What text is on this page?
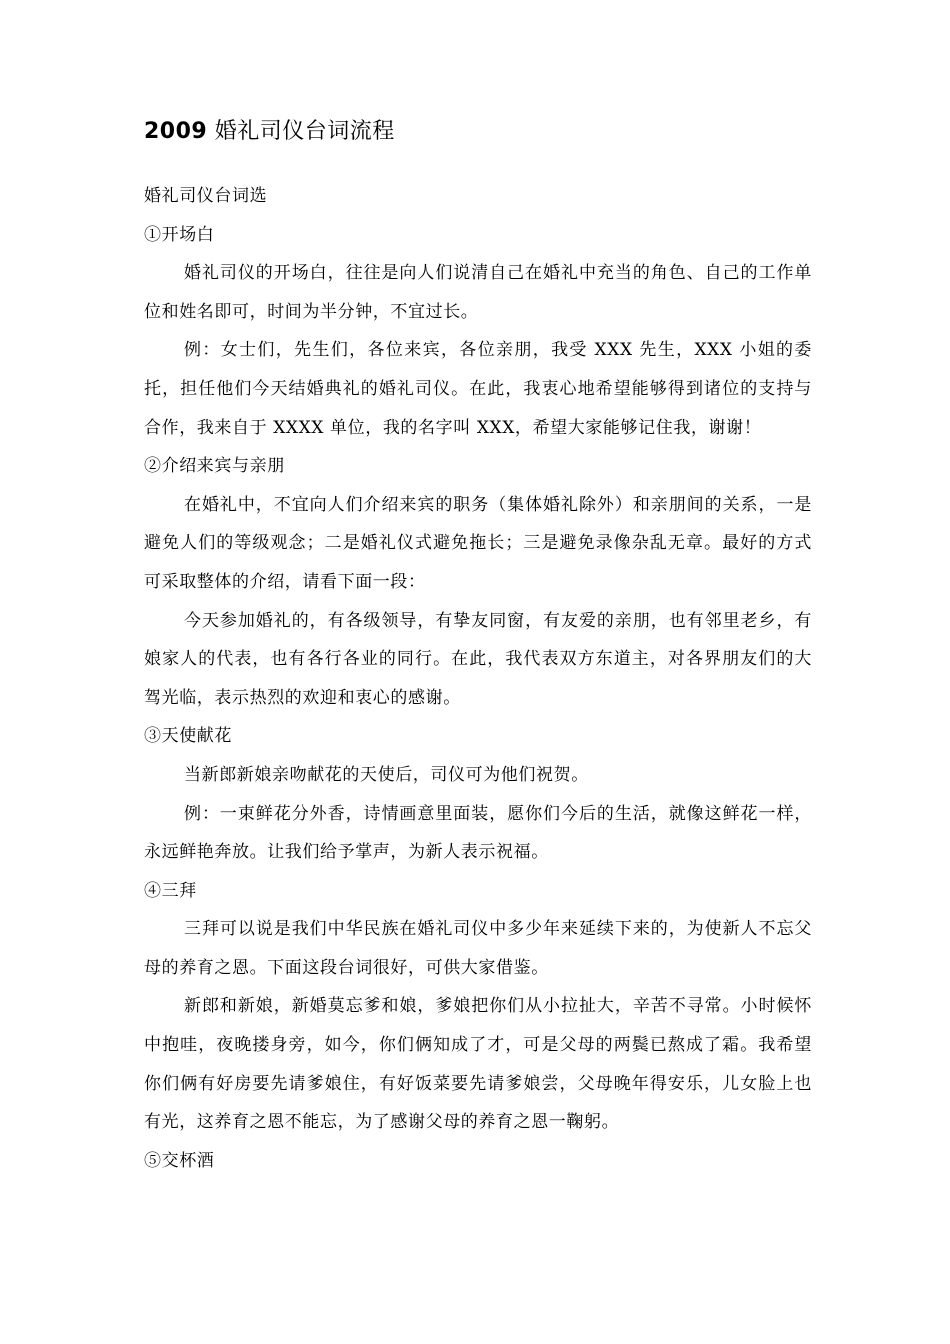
2009 婚礼司仪台词流程

婚礼司仪台词选

①开场白

婚礼司仪的开场白，往往是向人们说清自己在婚礼中充当的角色、自己的工作单位和姓名即可，时间为半分钟，不宜过长。

例：女士们，先生们，各位来宾，各位亲朋，我受 XXX 先生，XXX 小姐的委托，担任他们今天结婚典礼的婚礼司仪。在此，我衷心地希望能够得到诸位的支持与合作，我来自于 XXXX 单位，我的名字叫 XXX，希望大家能够记住我，谢谢！

②介绍来宾与亲朋

在婚礼中，不宜向人们介绍来宾的职务（集体婚礼除外）和亲朋间的关系，一是避免人们的等级观念；二是婚礼仪式避免拖长；三是避免录像杂乱无章。最好的方式可采取整体的介绍，请看下面一段：

今天参加婚礼的，有各级领导，有挚友同窗，有友爱的亲朋，也有邻里老乡，有娘家人的代表，也有各行各业的同行。在此，我代表双方东道主，对各界朋友们的大驾光临，表示热烈的欢迎和衷心的感谢。

③天使献花

当新郎新娘亲吻献花的天使后，司仪可为他们祝贺。

例：一束鲜花分外香，诗情画意里面装，愿你们今后的生活，就像这鲜花一样，永远鲜艳奔放。让我们给予掌声，为新人表示祝福。

④三拜

三拜可以说是我们中华民族在婚礼司仪中多少年来延续下来的，为使新人不忘父母的养育之恩。下面这段台词很好，可供大家借鉴。

新郎和新娘，新婚莫忘爹和娘，爹娘把你们从小拉扯大，辛苦不寻常。小时候怀中抱哇，夜晚搂身旁，如今，你们俩知成了才，可是父母的两鬓已熬成了霜。我希望你们俩有好房要先请爹娘住，有好饭菜要先请爹娘尝，父母晚年得安乐，儿女脸上也有光，这养育之恩不能忘，为了感谢父母的养育之恩一鞠躬。

⑤交杯酒
